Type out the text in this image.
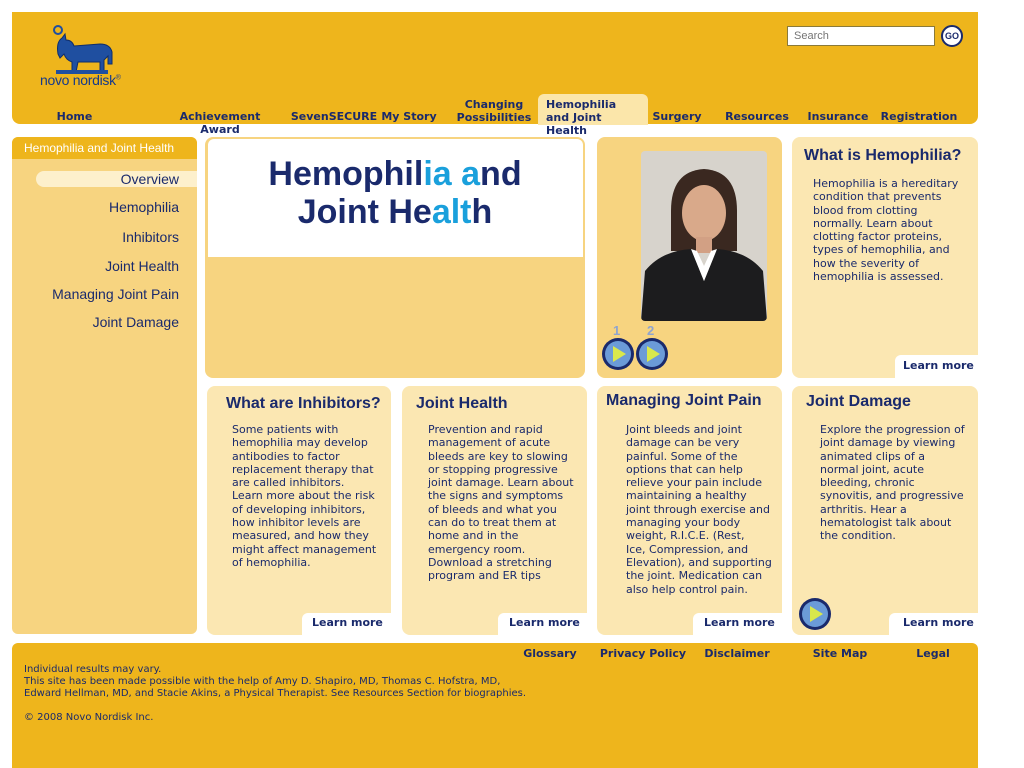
novo nordisk®
Search
GO
Home	Achievement Award
SevenSECURE My Story
Changing
Possibilities
Hemophilia
and Joint Health
Surgery Resources Insurance Registration
Hemophilia and Joint Health
Overview
Hemophilia
Inhibitors
Joint Health
Managing Joint Pain
Joint Damage
Hemophilia and
Joint Health
1 2
What is Hemophilia?
Hemophilia is a hereditary
condition that prevents
blood from clotting
normally. Learn about
clotting factor proteins,
types of hemophilia, and
how the severity of
hemophilia is assessed.
Learn more
What are Inhibitors?
Some patients with
hemophilia may develop
antibodies to factor
replacement therapy that
are called inhibitors.
Learn more about the risk
of developing inhibitors,
how inhibitor levels are
measured, and how they
might affect management
of hemophilia.
Learn more
Joint Health
Prevention and rapid
management of acute
bleeds are key to slowing
or stopping progressive
joint damage. Learn about
the signs and symptoms
of bleeds and what you
can do to treat them at
home and in the
emergency room.
Download a stretching
program and ER tips
Learn more
Managing Joint Pain
Joint bleeds and joint
damage can be very
painful. Some of the
options that can help
relieve your pain include
maintaining a healthy
joint through exercise and
managing your body
weight, R.I.C.E. (Rest,
Ice, Compression, and
Elevation), and supporting
the joint. Medication can
also help control pain.
Learn more
Joint Damage
Explore the progression of
joint damage by viewing
animated clips of a
normal joint, acute
bleeding, chronic
synovitis, and progressive
arthritis. Hear a
hematologist talk about
the condition.
Learn more
Glossary Privacy Policy Disclaimer	Site Map	Legal
Individual results may vary.
This site has been made possible with the help of Amy D. Shapiro, MD, Thomas C. Hofstra, MD,
Edward Hellman, MD, and Stacie Akins, a Physical Therapist. See Resources Section for biographies.
© 2008 Novo Nordisk Inc.
